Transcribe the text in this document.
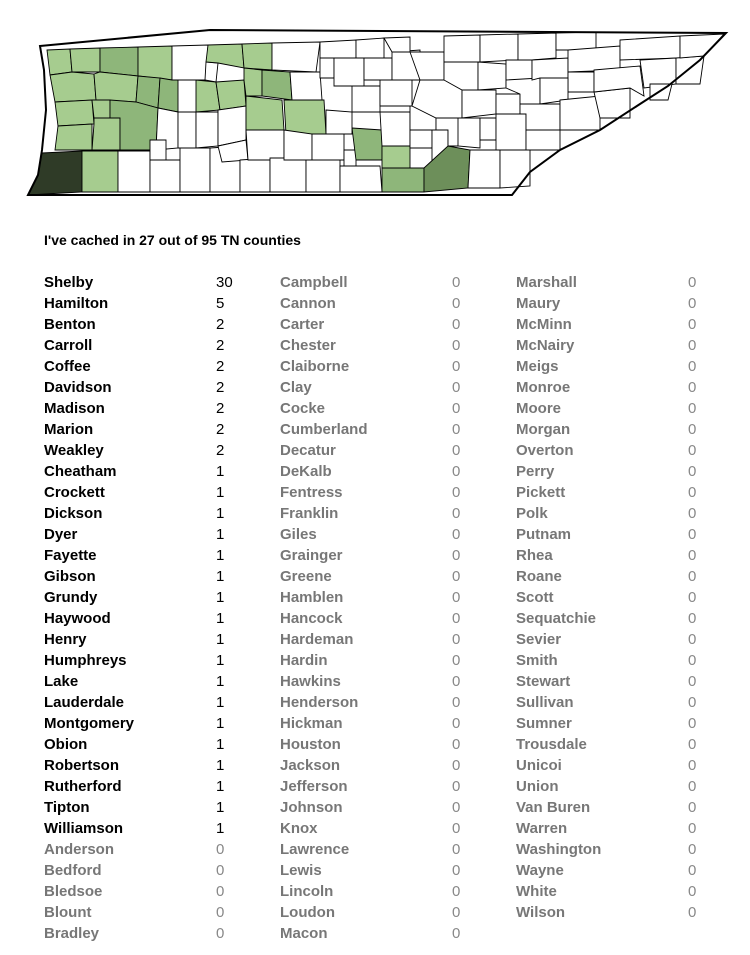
I've cached in 27 out of 95 TN counties
Shelby	30
Hamilton	5
Benton	2
Carroll	2
Coffee	2
Davidson	2
Madison	2
Marion	2
Weakley	2
Cheatham	1
Crockett	1
Dickson	1
Dyer	1
Fayette	1
Gibson	1
Grundy	1
Haywood	1
Henry	1
Humphreys	1
Lake	1
Lauderdale	1
Montgomery	1
Obion	1
Robertson	1
Rutherford	1
Tipton	1
Williamson	1
Anderson	0
Bedford	0
Bledsoe	0
Blount	0
Bradley	0
Campbell	0
Cannon	0
Carter	0
Chester	0
Claiborne	0
Clay	0
Cocke	0
Cumberland	0
Decatur	0
DeKalb	0
Fentress	0
Franklin	0
Giles	0
Grainger	0
Greene	0
Hamblen	0
Hancock	0
Hardeman	0
Hardin	0
Hawkins	0
Henderson	0
Hickman	0
Houston	0
Jackson	0
Jefferson	0
Johnson	0
Knox	0
Lawrence	0
Lewis	0
Lincoln	0
Loudon	0
Macon	0
Marshall	0
Maury	0
McMinn	0
McNairy	0
Meigs	0
Monroe	0
Moore	0
Morgan	0
Overton	0
Perry	0
Pickett	0
Polk	0
Putnam	0
Rhea	0
Roane	0
Scott	0
Sequatchie	0
Sevier	0
Smith	0
Stewart	0
Sullivan	0
Sumner	0
Trousdale	0
Unicoi	0
Union	0
Van Buren	0
Warren	0
Washington	0
Wayne	0
White	0
Wilson	0
